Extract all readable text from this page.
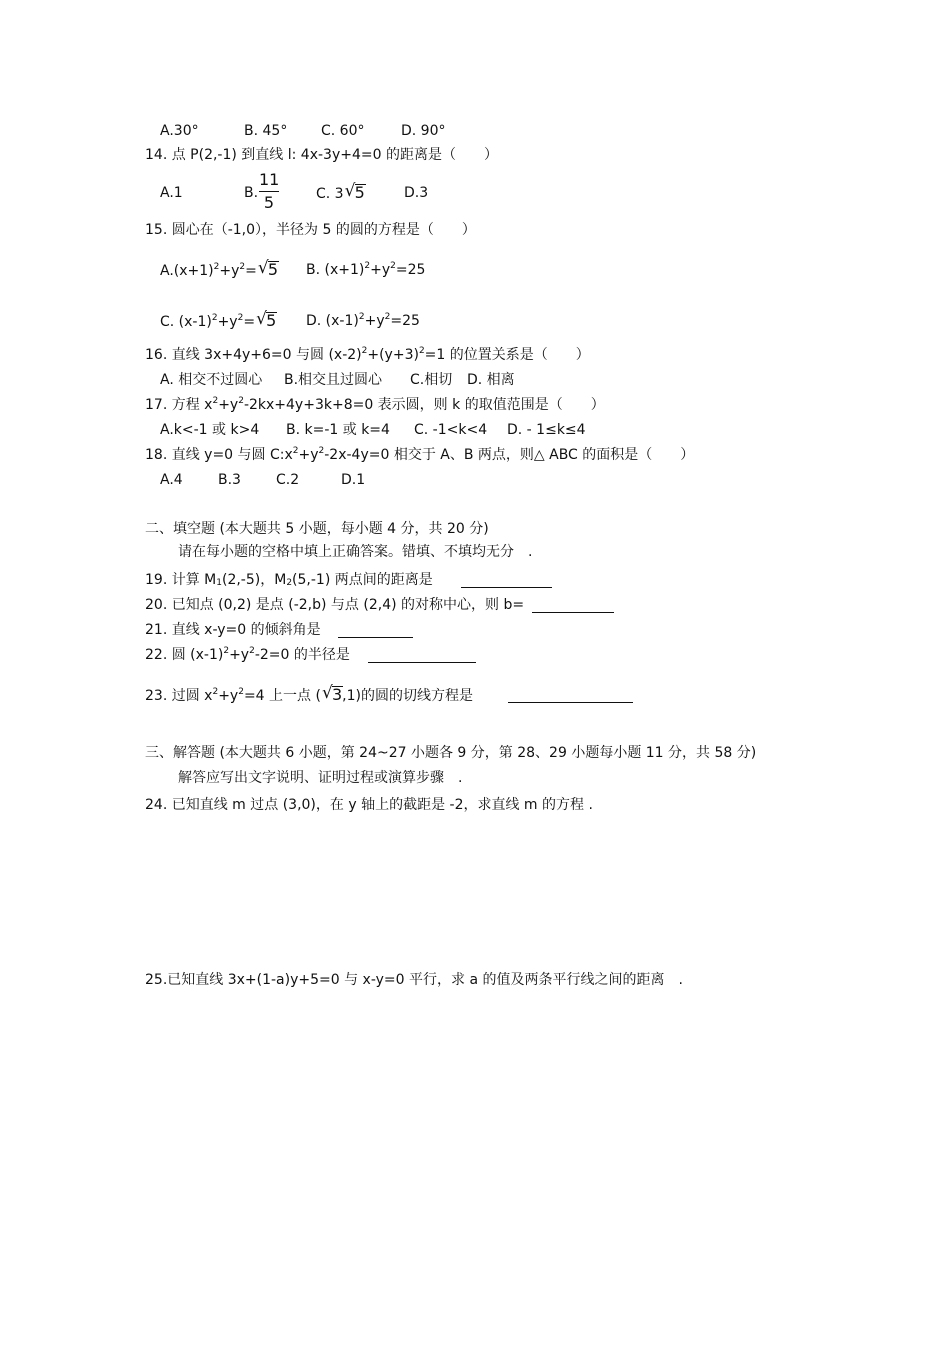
A.30°	B. 45° C. 60°	D. 90°
14. 点 P(2,-1) 到直线 l: 4x-3y+4=0 的距离是（　　）
A.1	B.
11
5	C. 3√ 5	D.3
15. 圆心在（-1,0），半径为 5 的圆的方程是（　　）
$A.(x+1)^2+y^2=√$ 5 B. $(x+1)^2+y^2=25$
C. $(x-1)^2+y^2=√$ 5 D. $(x-1)^2+y^2=25$
16. 直线 3x+4y+6=0 与圆 $(x-2)^2+(y+3)^2=1$ 的位置关系是（　　）
A. 相交不过圆心 B.相交且过圆心 C.相切 D. 相离
17. 方程 $x^2+y^2-2kx+4y+3k+8=0$ 表示圆，则 k 的取值范围是（　　）
A.k<-1 或 k>4 B. k=-1 或 k=4 C. -1<k<4 D. - 1≤k≤4
18. 直线 y=0 与圆 $C:x^2+y^2-2x-4y=0$ 相交于 A、B 两点，则△ ABC 的面积是（　　）
A.4	B.3	C.2	D.1
二、填空题 (本大题共 5 小题，每小题 4 分，共 20 分)
请在每小题的空格中填上正确答案。错填、不填均无分　.
19. 计算 $M_1(2,-5)$，$M_2(5,-1)$ 两点间的距离是
20. 已知点 (0,2) 是点 (-2,b) 与点 (2,4) 的对称中心，则 b=
21. 直线 x-y=0 的倾斜角是
22. 圆 $(x-1)^2+y^2-2=0$ 的半径是
23. 过圆 $x^2+y^2=4$ 上一点 (√ 3,1)的圆的切线方程是
三、解答题 (本大题共 6 小题，第 24~27 小题各 9 分，第 28、29 小题每小题 11 分，共 58 分)
解答应写出文字说明、证明过程或演算步骤　.
24. 已知直线 m 过点 (3,0)，在 y 轴上的截距是 -2，求直线 m 的方程 .
25.已知直线 3x+(1-a)y+5=0 与 x-y=0 平行，求 a 的值及两条平行线之间的距离　.
